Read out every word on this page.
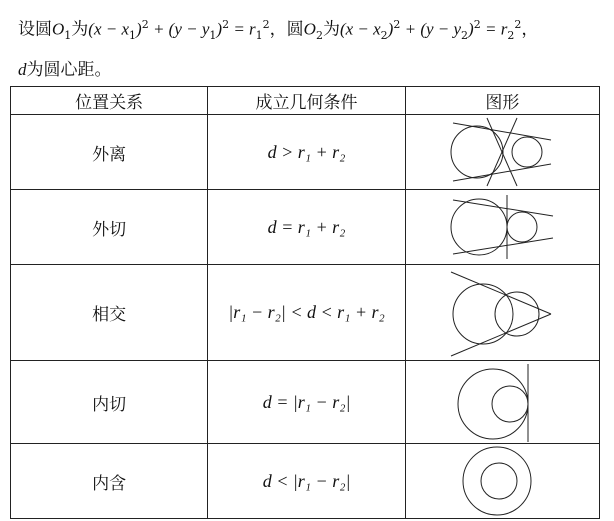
设圆$O_1$为$(x - x_1)^2 + (y - y_1)^2 = r_1^2$，圆$O_2$为$(x - x_2)^2 + (y - y_2)^2 = r_2^2$，
d为圆心距。
位置关系	成立几何条件	图形
外离	d > r₁ + r₂	

外切	d = r₁ + r₂	

相交	|r₁ − r₂| < d < r₁ + r₂	

内切	d = |r₁ − r₂|	

内含	d < |r₁ − r₂|	
